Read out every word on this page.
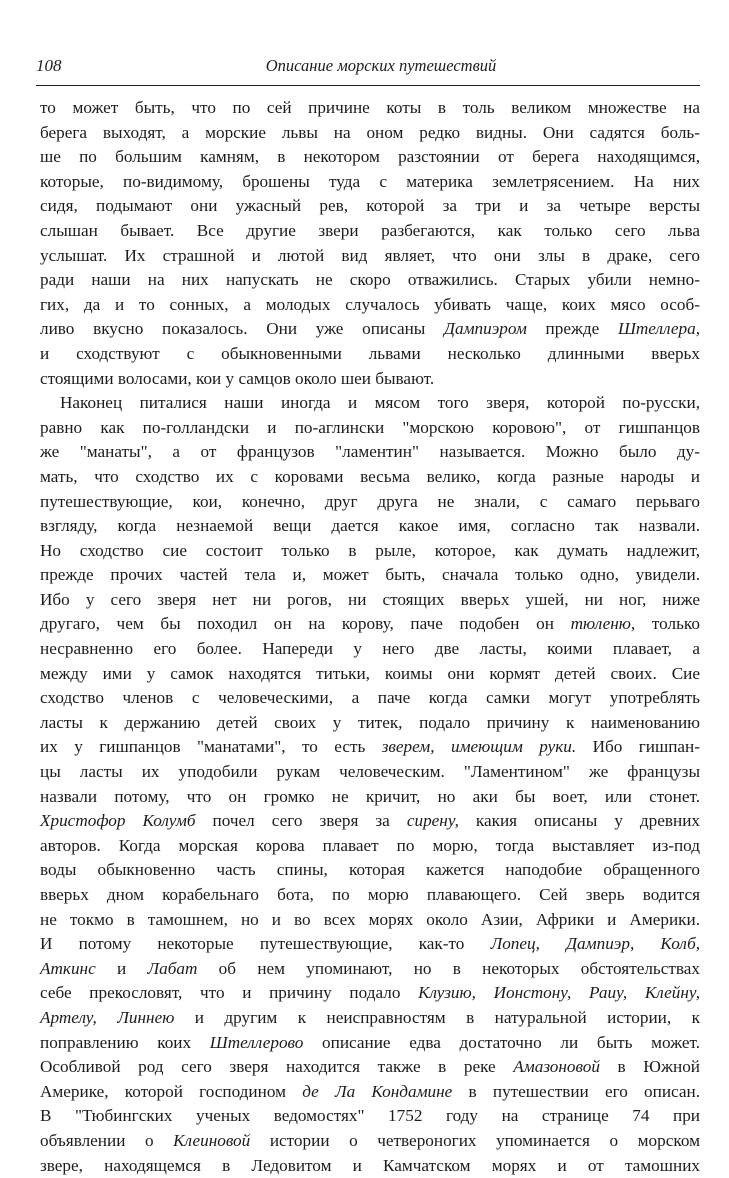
108	Описание морских путешествий
то может быть, что по сей причине коты в толь великом множестве на
берега выходят, а морские львы на оном редко видны. Они садятся боль-
ше по большим камням, в некотором разстоянии от берега находящимся,
которые, по-видимому, брошены туда с материка землетрясением. На них
сидя, подымают они ужасный рев, которой за три и за четыре версты
слышан бывает. Все другие звери разбегаются, как только сего льва
услышат. Их страшной и лютой вид являет, что они злы в драке, сего
ради наши на них напускать не скоро отважились. Старых убили немно-
гих, да и то сонных, а молодых случалось убивать чаще, коих мясо особ-
ливо вкусно показалось. Они уже описаны Дампиэром прежде Штеллера,
и сходствуют с обыкновенными львами несколько длинными вверьх
стоящими волосами, кои у самцов около шеи бывают.
Наконец питалися наши иногда и мясом того зверя, которой по-русски,
равно как по-голландски и по-аглински "морскою коровою", от гишпанцов
же "манаты", а от французов "ламентин" называется. Можно было ду-
мать, что сходство их с коровами весьма велико, когда разные народы и
путешествующие, кои, конечно, друг друга не знали, с самаго перьваго
взгляду, когда незнаемой вещи дается какое имя, согласно так назвали.
Но сходство сие состоит только в рыле, которое, как думать надлежит,
прежде прочих частей тела и, может быть, сначала только одно, увидели.
Ибо у сего зверя нет ни рогов, ни стоящих вверьх ушей, ни ног, ниже
другаго, чем бы походил он на корову, паче подобен он тюленю, только
несравненно его более. Напереди у него две ласты, коими плавает, а
между ими у самок находятся титьки, коимы они кормят детей своих. Сие
сходство членов с человеческими, а паче когда самки могут употреблять
ласты к держанию детей своих у титек, подало причину к наименованию
их у гишпанцов "манатами", то есть зверем, имеющим руки. Ибо гишпан-
цы ласты их уподобили рукам человеческим. "Ламентином" же французы
назвали потому, что он громко не кричит, но аки бы воет, или стонет.
Христофор Колумб почел сего зверя за сирену, какия описаны у древних
авторов. Когда морская корова плавает по морю, тогда выставляет из-под
воды обыкновенно часть спины, которая кажется наподобие обращенного
вверьх дном корабельнаго бота, по морю плавающего. Сей зверь водится
не токмо в тамошнем, но и во всех морях около Азии, Африки и Америки.
И потому некоторые путешествующие, как-то Лопец, Дампиэр, Колб,
Аткинс и Лабат об нем упоминают, но в некоторых обстоятельствах
себе прекословят, что и причину подало Клузию, Ионстону, Раиу, Клейну,
Артелу, Линнею и другим к неисправностям в натуральной истории, к
поправлению коих Штеллерово описание едва достаточно ли быть может.
Особливой род сего зверя находится также в реке Амазоновой в Южной
Америке, которой господином де Ла Кондамине в путешествии его описан.
В "Тюбингских ученых ведомостях" 1752 году на странице 74 при
объявлении о Клеиновой истории о четвероногих упоминается о морском
звере, находящемся в Ледовитом и Камчатском морях и от тамошних
